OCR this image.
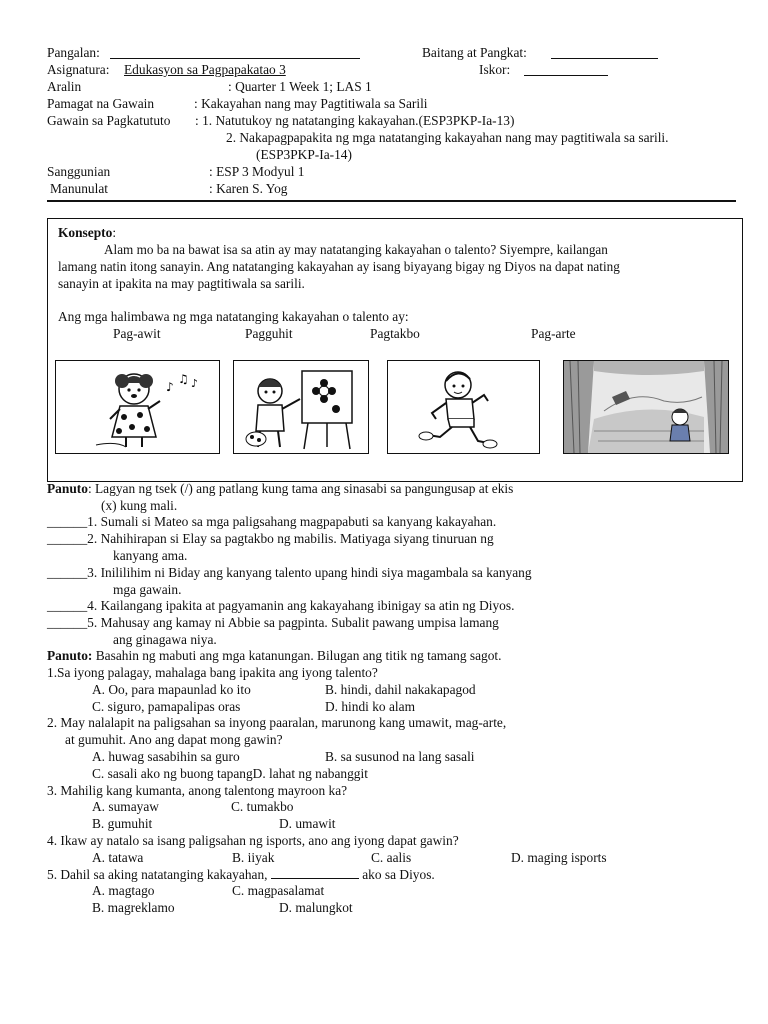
Pangalan:	Baitang at Pangkat:
Asignatura: Edukasyon sa Pagpapakatao 3	Iskor:
Aralin	: Quarter 1 Week 1; LAS 1
Pamagat na Gawain	: Kakayahan nang may Pagtitiwala sa Sarili
Gawain sa Pagkatututo : 1. Natutukoy ng natatanging kakayahan.(ESP3PKP-Ia-13)
2. Nakapagpapakita ng mga natatanging kakayahan nang may pagtitiwala sa sarili.
(ESP3PKP-Ia-14)
Sanggunian	: ESP 3 Modyul 1
Manunulat	: Karen S. Yog
Konsepto:
Alam mo ba na bawat isa sa atin ay may natatanging kakayahan o talento? Siyempre, kailangan
lamang natin itong sanayin. Ang natatanging kakayahan ay isang biyayang bigay ng Diyos na dapat nating
sanayin at ipakita na may pagtitiwala sa sarili.
Ang mga halimbawa ng mga natatanging kakayahan o talento ay:
Pag-awit	Pagguhit	Pagtakbo	Pag-arte
♪
♫ ♪
Panuto: Lagyan ng tsek (/) ang patlang kung tama ang sinasabi sa pangungusap at ekis
(x) kung mali.
______1. Sumali si Mateo sa mga paligsahang magpapabuti sa kanyang kakayahan.
______2. Nahihirapan si Elay sa pagtakbo ng mabilis. Matiyaga siyang tinuruan ng
kanyang ama.
______3. Inililihim ni Biday ang kanyang talento upang hindi siya magambala sa kanyang
mga gawain.
______4. Kailangang ipakita at pagyamanin ang kakayahang ibinigay sa atin ng Diyos.
______5. Mahusay ang kamay ni Abbie sa pagpinta. Subalit pawang umpisa lamang
ang ginagawa niya.
Panuto: Basahin ng mabuti ang mga katanungan. Bilugan ang titik ng tamang sagot.
1.Sa iyong palagay, mahalaga bang ipakita ang iyong talento?
A. Oo, para mapaunlad ko ito	B. hindi, dahil nakakapagod
C. siguro, pamapalipas oras	D. hindi ko alam
2. May nalalapit na paligsahan sa inyong paaralan, marunong kang umawit, mag-arte,
at gumuhit. Ano ang dapat mong gawin?
A. huwag sasabihin sa guro	B. sa susunod na lang sasali
C. sasali ako ng buong tapangD. lahat ng nabanggit
3. Mahilig kang kumanta, anong talentong mayroon ka?
A. sumayaw	C. tumakbo
B. gumuhit	D. umawit
4. Ikaw ay natalo sa isang paligsahan ng isports, ano ang iyong dapat gawin?
A. tatawa	B. iiyak	C. aalis	D. maging isports
5. Dahil sa aking natatanging kakayahan,	ako sa Diyos.
A. magtago	C. magpasalamat
B. magreklamo	D. malungkot
